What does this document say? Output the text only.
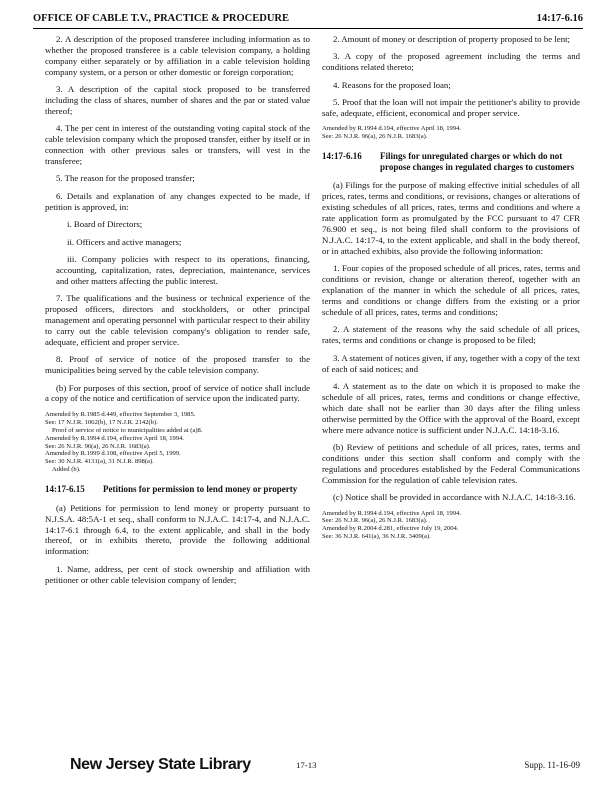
OFFICE OF CABLE T.V., PRACTICE & PROCEDURE	14:17-6.16

2. A description of the proposed transferee including information as to whether the proposed transferee is a cable television company, a holding company either separately or by affiliation in a cable television holding company system, or a person or other domestic or foreign corporation;

3. A description of the capital stock proposed to be transferred including the class of shares, number of shares and the par or stated value thereof;

4. The per cent in interest of the outstanding voting capital stock of the cable television company which the proposed transfer, either by itself or in connection with other previous sales or transfers, will vest in the transferee;

5. The reason for the proposed transfer;

6. Details and explanation of any changes expected to be made, if petition is approved, in:

i. Board of Directors;

ii. Officers and active managers;

iii. Company policies with respect to its operations, financing, accounting, capitalization, rates, depreciation, maintenance, services and other matters affecting the public interest.

7. The qualifications and the business or technical experience of the proposed officers, directors and stockholders, or other principal management and operating personnel with particular respect to their ability to carry out the cable television company's obligation to render safe, adequate, efficient and proper service.

8. Proof of service of notice of the proposed transfer to the municipalities being served by the cable television company.

(b) For purposes of this section, proof of service of notice shall include a copy of the notice and certification of service upon the indicated party.

Amended by R.1985 d.449, effective September 3, 1985.
See: 17 N.J.R. 1062(b), 17 N.J.R. 2142(b).
Proof of service of notice to municipalities added at (a)8.
Amended by R.1994 d.194, effective April 18, 1994.
See: 26 N.J.R. 96(a), 26 N.J.R. 1683(a).
Amended by R.1999 d.108, effective April 5, 1999.
See: 30 N.J.R. 4131(a), 31 N.J.R. 898(a).
Added (b).
14:17-6.15	Petitions for permission to lend money or property

(a) Petitions for permission to lend money or property pursuant to N.J.S.A. 48:5A-1 et seq., shall conform to N.J.A.C. 14:17-4, and N.J.A.C. 14:17-6.1 through 6.4, to the extent applicable, and shall in the body thereof, or in exhibits thereto, provide the following additional information:

1. Name, address, per cent of stock ownership and affiliation with petitioner or other cable television company of lender;

2. Amount of money or description of property proposed to be lent;

3. A copy of the proposed agreement including the terms and conditions related thereto;

4. Reasons for the proposed loan;

5. Proof that the loan will not impair the petitioner's ability to provide safe, adequate, efficient, economical and proper service.

Amended by R.1994 d.194, effective April 18, 1994.
See: 26 N.J.R. 96(a), 26 N.J.R. 1683(a).
14:17-6.16	Filings for unregulated charges or which do not propose changes in regulated charges to customers

(a) Filings for the purpose of making effective initial schedules of all prices, rates, terms and conditions, or revisions, changes or alterations of existing schedules of all prices, rates, terms and conditions and where a rate application form as promulgated by the FCC pursuant to 47 CFR 76.900 et seq., is not being filed shall conform to the provisions of N.J.A.C. 14:17-4, to the extent applicable, and shall in the body thereof, or in attached exhibits, also provide the following information:

1. Four copies of the proposed schedule of all prices, rates, terms and conditions or revision, change or alteration thereof, together with an explanation of the manner in which the schedule of all prices, rates, terms and conditions or change differs from the existing or a prior schedule of all prices, rates, terms and conditions;

2. A statement of the reasons why the said schedule of all prices, rates, terms and conditions or change is proposed to be filed;

3. A statement of notices given, if any, together with a copy of the text of each of said notices; and

4. A statement as to the date on which it is proposed to make the schedule of all prices, rates, terms and conditions or change effective, which date shall not be earlier than 30 days after the filing unless otherwise permitted by the Office with the approval of the Board, except where mere advance notice is sufficient under N.J.A.C. 14:18-3.16.

(b) Review of petitions and schedule of all prices, rates, terms and conditions under this section shall conform and comply with the regulations and procedures established by the Federal Communications Commission for the regulation of cable television rates.

(c) Notice shall be provided in accordance with N.J.A.C. 14:18-3.16.

Amended by R.1994 d.194, effective April 18, 1994.
See: 26 N.J.R. 96(a), 26 N.J.R. 1683(a).
Amended by R.2004 d.281, effective July 19, 2004.
See: 36 N.J.R. 641(a), 36 N.J.R. 3409(a).
New Jersey State Library	17-13	Supp. 11-16-09
